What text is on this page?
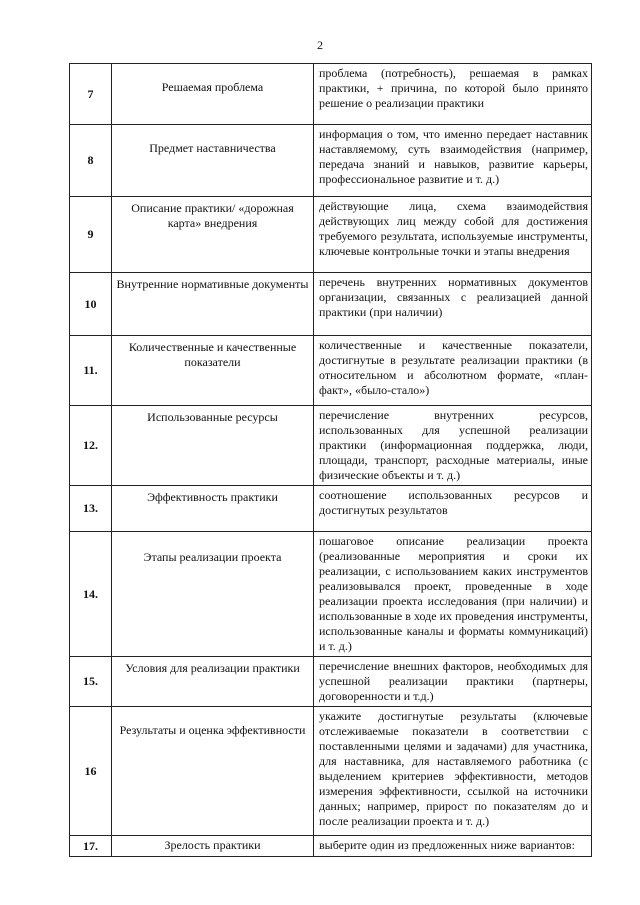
2
7	Решаемая проблема	проблема (потребность), решаемая в рамках практики, + причина, по которой было принято решение о реализации практики
8	Предмет наставничества	информация о том, что именно передает наставник наставляемому, суть взаимодействия (например, передача знаний и навыков, развитие карьеры, профессиональное развитие и т. д.)
9	Описание практики/ «дорожная карта» внедрения	действующие лица, схема взаимодействия действующих лиц между собой для достижения требуемого результата, используемые инструменты, ключевые контрольные точки и этапы внедрения
10	Внутренние нормативные документы	перечень внутренних нормативных документов организации, связанных с реализацией данной практики (при наличии)
11.	Количественные и качественные показатели	количественные и качественные показатели, достигнутые в результате реализации практики (в относительном и абсолютном формате, «план-факт», «было-стало»)
12.	Использованные ресурсы	перечисление внутренних ресурсов, использованных для успешной реализации практики (информационная поддержка, люди, площади, транспорт, расходные материалы, иные физические объекты и т. д.)
13.	Эффективность практики	соотношение использованных ресурсов и достигнутых результатов
14.	Этапы реализации проекта	пошаговое описание реализации проекта (реализованные мероприятия и сроки их реализации, с использованием каких инструментов реализовывался проект, проведенные в ходе реализации проекта исследования (при наличии) и использованные в ходе их проведения инструменты, использованные каналы и форматы коммуникаций) и т. д.)
15.	Условия для реализации практики	перечисление внешних факторов, необходимых для успешной реализации практики (партнеры, договоренности и т.д.)
16	Результаты и оценка эффективности	укажите достигнутые результаты (ключевые отслеживаемые показатели в соответствии с поставленными целями и задачами) для участника, для наставника, для наставляемого работника (с выделением критериев эффективности, методов измерения эффективности, ссылкой на источники данных; например, прирост по показателям до и после реализации проекта и т. д.)
17.	Зрелость практики	выберите один из предложенных ниже вариантов:
